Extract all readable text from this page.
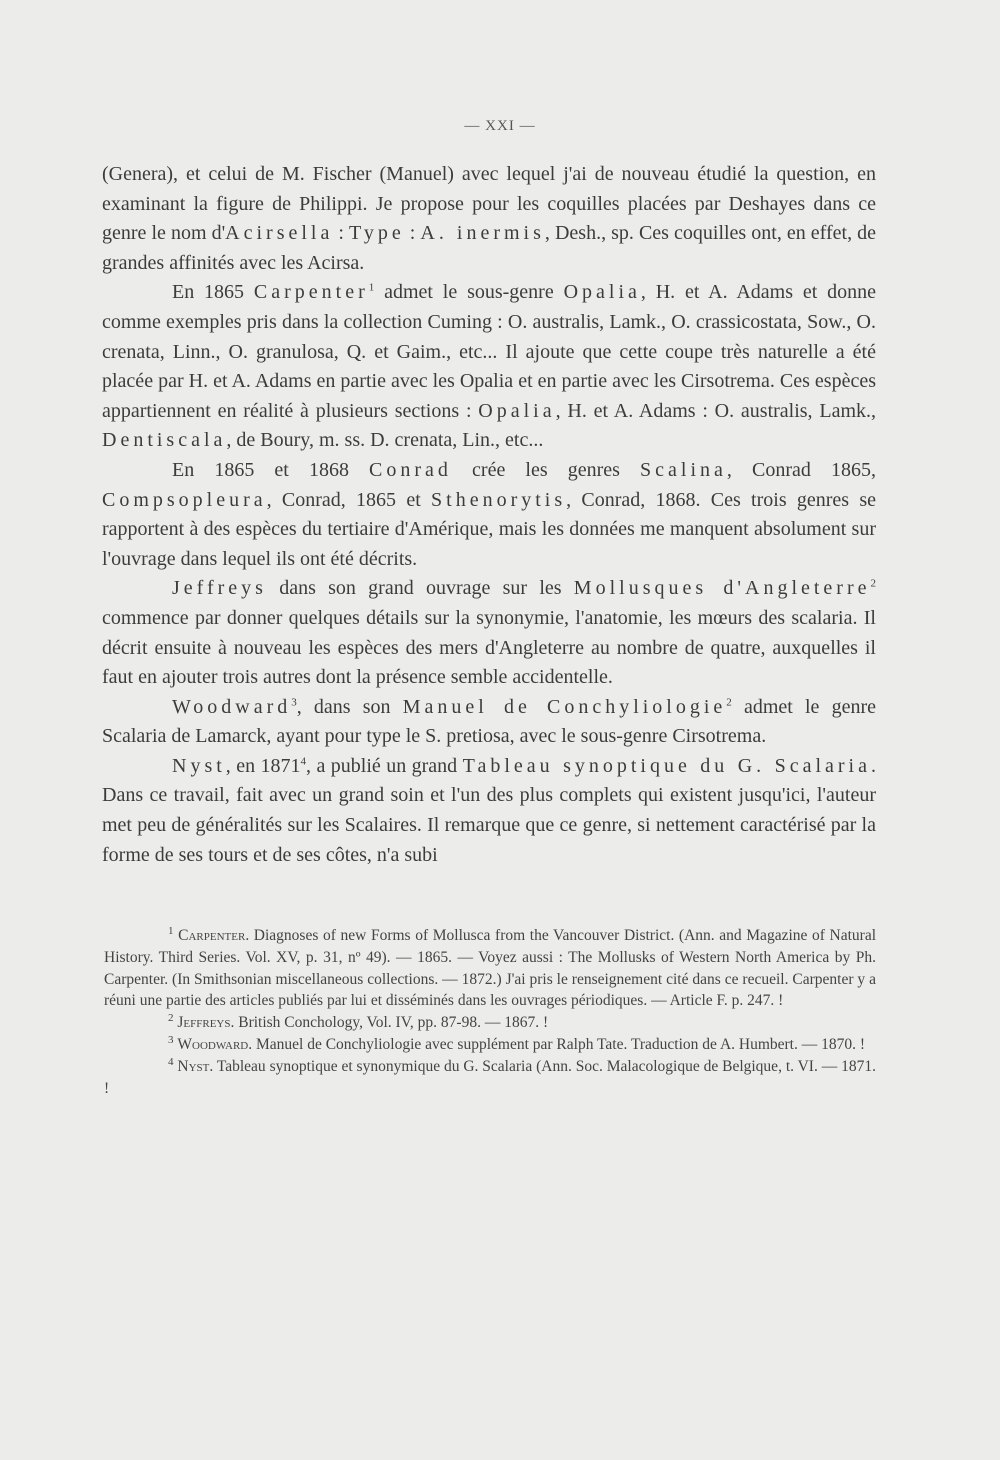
— XXI —

(Genera), et celui de M. Fischer (Manuel) avec lequel j'ai de nouveau étudié la question, en examinant la figure de Philippi. Je propose pour les coquilles placées par Deshayes dans ce genre le nom d'Acirsella : Type : A. inermis, Desh., sp. Ces coquilles ont, en effet, de grandes affinités avec les Acirsa.

En 1865 Carpenter$^1$ admet le sous-genre Opalia, H. et A. Adams et donne comme exemples pris dans la collection Cuming : O. australis, Lamk., O. crassicostata, Sow., O. crenata, Linn., O. granulosa, Q. et Gaim., etc... Il ajoute que cette coupe très naturelle a été placée par H. et A. Adams en partie avec les Opalia et en partie avec les Cirsotrema. Ces espèces appartiennent en réalité à plusieurs sections : Opalia, H. et A. Adams : O. australis, Lamk., Dentiscala, de Boury, m. ss. D. crenata, Lin., etc...

En 1865 et 1868 Conrad crée les genres Scalina, Conrad 1865, Compsopleura, Conrad, 1865 et Sthenorytis, Conrad, 1868. Ces trois genres se rapportent à des espèces du tertiaire d'Amérique, mais les données me manquent absolument sur l'ouvrage dans lequel ils ont été décrits.

Jeffreys dans son grand ouvrage sur les Mollusques d'Angleterre$^2$ commence par donner quelques détails sur la synonymie, l'anatomie, les mœurs des scalaria. Il décrit ensuite à nouveau les espèces des mers d'Angleterre au nombre de quatre, auxquelles il faut en ajouter trois autres dont la présence semble accidentelle.

Woodward$^3$, dans son Manuel de Conchyliologie$^2$ admet le genre Scalaria de Lamarck, ayant pour type le S. pretiosa, avec le sous-genre Cirsotrema.

Nyst, en 1871$^4$, a publié un grand Tableau synoptique du G. Scalaria. Dans ce travail, fait avec un grand soin et l'un des plus complets qui existent jusqu'ici, l'auteur met peu de généralités sur les Scalaires. Il remarque que ce genre, si nettement caractérisé par la forme de ses tours et de ses côtes, n'a subi

$^1$ Carpenter. Diagnoses of new Forms of Mollusca from the Vancouver District. (Ann. and Magazine of Natural History. Third Series. Vol. XV, p. 31, nº 49). — 1865. — Voyez aussi : The Mollusks of Western North America by Ph. Carpenter. (In Smithsonian miscellaneous collections. — 1872.) J'ai pris le renseignement cité dans ce recueil. Carpenter y a réuni une partie des articles publiés par lui et disséminés dans les ouvrages périodiques. — Article F. p. 247. !

$^2$ Jeffreys. British Conchology, Vol. IV, pp. 87-98. — 1867. !

$^3$ Woodward. Manuel de Conchyliologie avec supplément par Ralph Tate. Traduction de A. Humbert. — 1870. !

$^4$ Nyst. Tableau synoptique et synonymique du G. Scalaria (Ann. Soc. Malacologique de Belgique, t. VI. — 1871. !
